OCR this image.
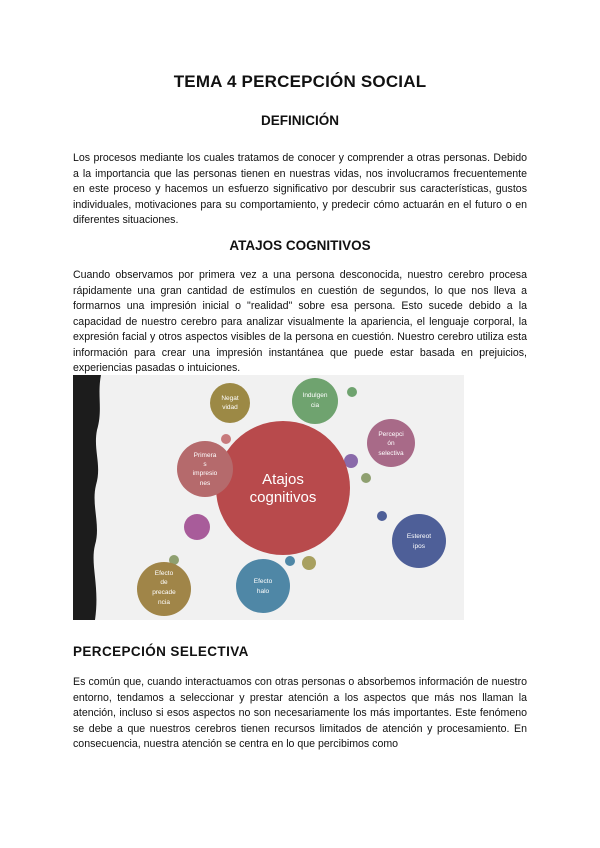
TEMA 4 PERCEPCIÓN SOCIAL
DEFINICIÓN

Los procesos mediante los cuales tratamos de conocer y comprender a otras personas. Debido a la importancia que las personas tienen en nuestras vidas, nos involucramos frecuentemente en este proceso y hacemos un esfuerzo significativo por descubrir sus características, gustos individuales, motivaciones para su comportamiento, y predecir cómo actuarán en el futuro o en diferentes situaciones.

ATAJOS COGNITIVOS

Cuando observamos por primera vez a una persona desconocida, nuestro cerebro procesa rápidamente una gran cantidad de estímulos en cuestión de segundos, lo que nos lleva a formarnos una impresión inicial o "realidad" sobre esa persona. Esto sucede debido a la capacidad de nuestro cerebro para analizar visualmente la apariencia, el lenguaje corporal, la expresión facial y otros aspectos visibles de la persona en cuestión. Nuestro cerebro utiliza esta información para crear una impresión instantánea que puede estar basada en prejuicios, experiencias pasadas o intuiciones.

Atajos
cognitivos
Negat
vidad
Indulgen
cia
Percepci
ón
selectiva
Primera
s
impresio
nes
Estereot
ipos
Efecto
halo
Efecto
de
precade
ncia
PERCEPCIÓN SELECTIVA

Es común que, cuando interactuamos con otras personas o absorbemos información de nuestro entorno, tendamos a seleccionar y prestar atención a los aspectos que más nos llaman la atención, incluso si esos aspectos no son necesariamente los más importantes. Este fenómeno se debe a que nuestros cerebros tienen recursos limitados de atención y procesamiento. En consecuencia, nuestra atención se centra en lo que percibimos como
